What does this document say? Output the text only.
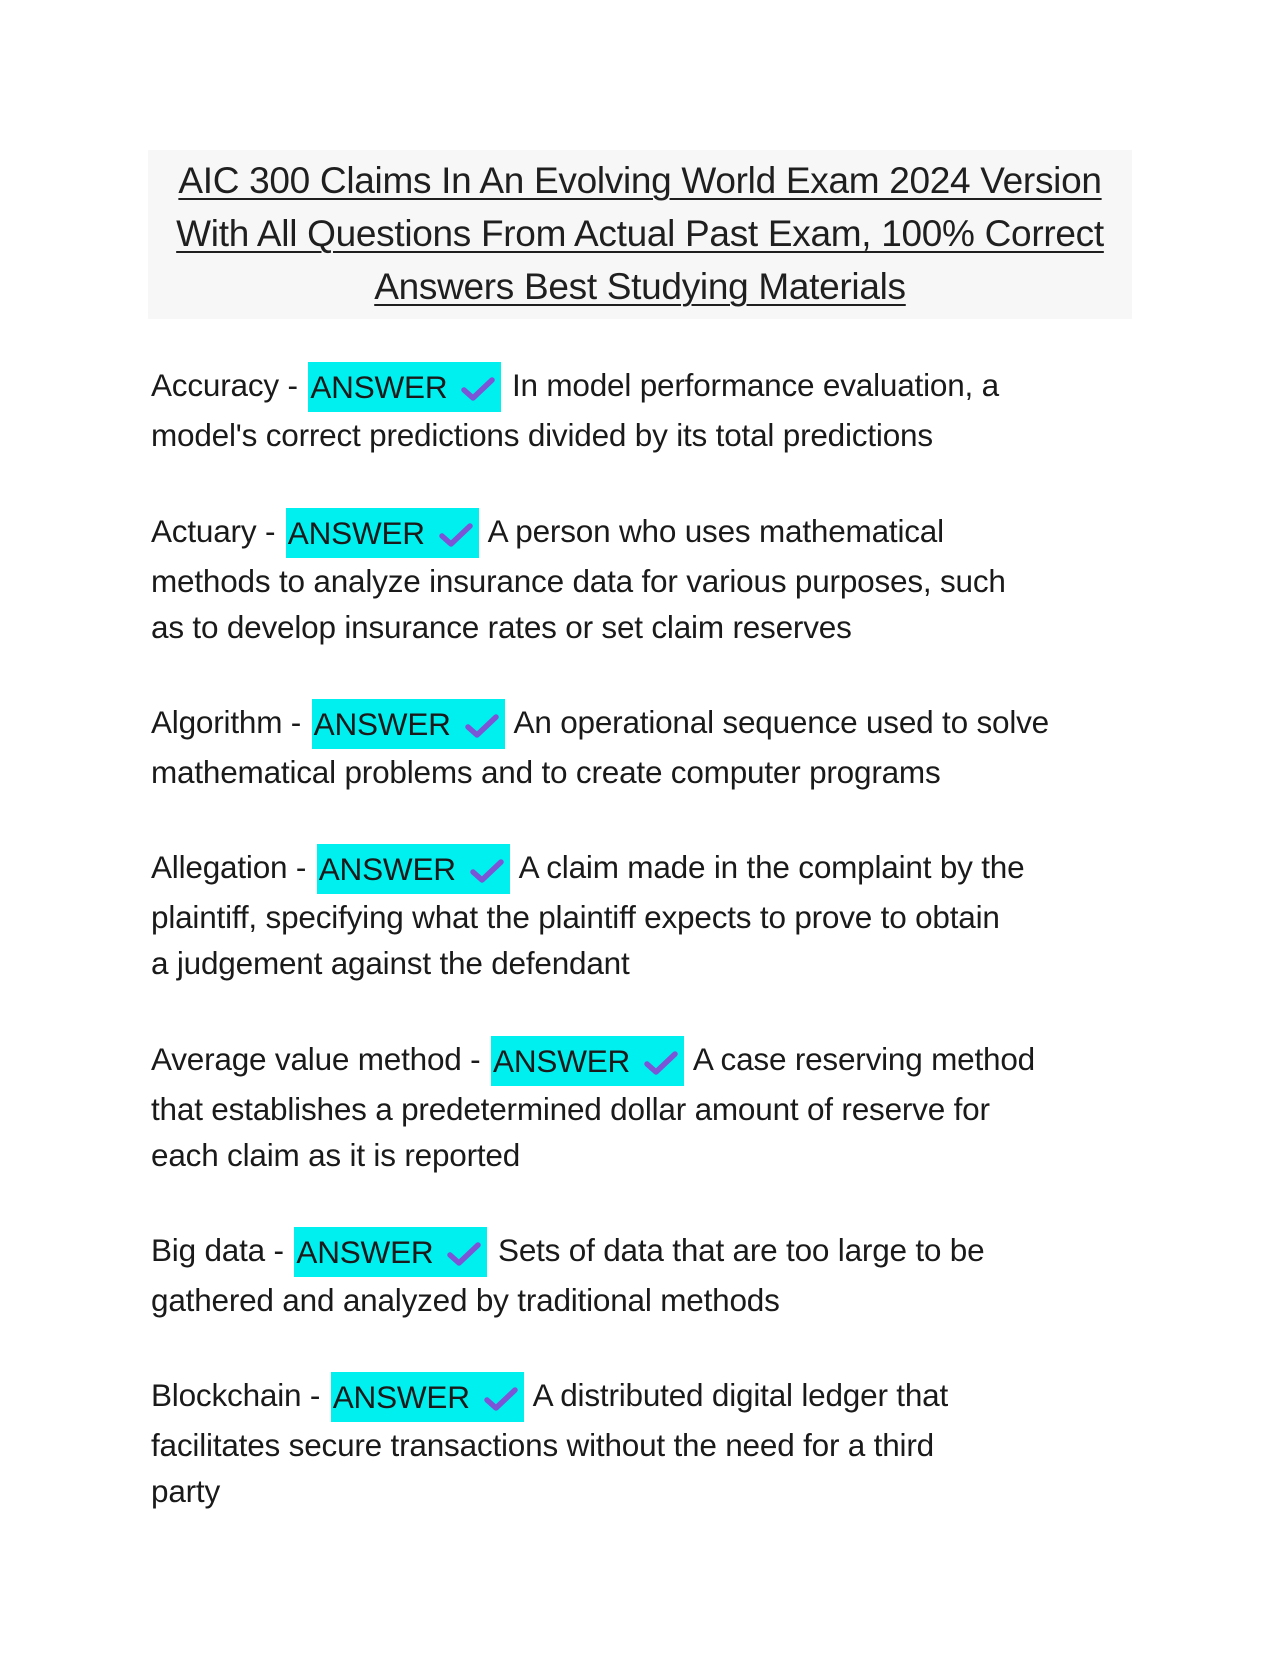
AIC 300 Claims In An Evolving World Exam 2024 Version
With All Questions From Actual Past Exam, 100% Correct
Answers Best Studying Materials
Accuracy - ANSWER In model performance evaluation, a
model's correct predictions divided by its total predictions
Actuary - ANSWER A person who uses mathematical
methods to analyze insurance data for various purposes, such
as to develop insurance rates or set claim reserves
Algorithm - ANSWER An operational sequence used to solve
mathematical problems and to create computer programs
Allegation - ANSWER A claim made in the complaint by the
plaintiff, specifying what the plaintiff expects to prove to obtain
a judgement against the defendant
Average value method - ANSWER A case reserving method
that establishes a predetermined dollar amount of reserve for
each claim as it is reported
Big data - ANSWER Sets of data that are too large to be
gathered and analyzed by traditional methods
Blockchain - ANSWER A distributed digital ledger that
facilitates secure transactions without the need for a third
party
